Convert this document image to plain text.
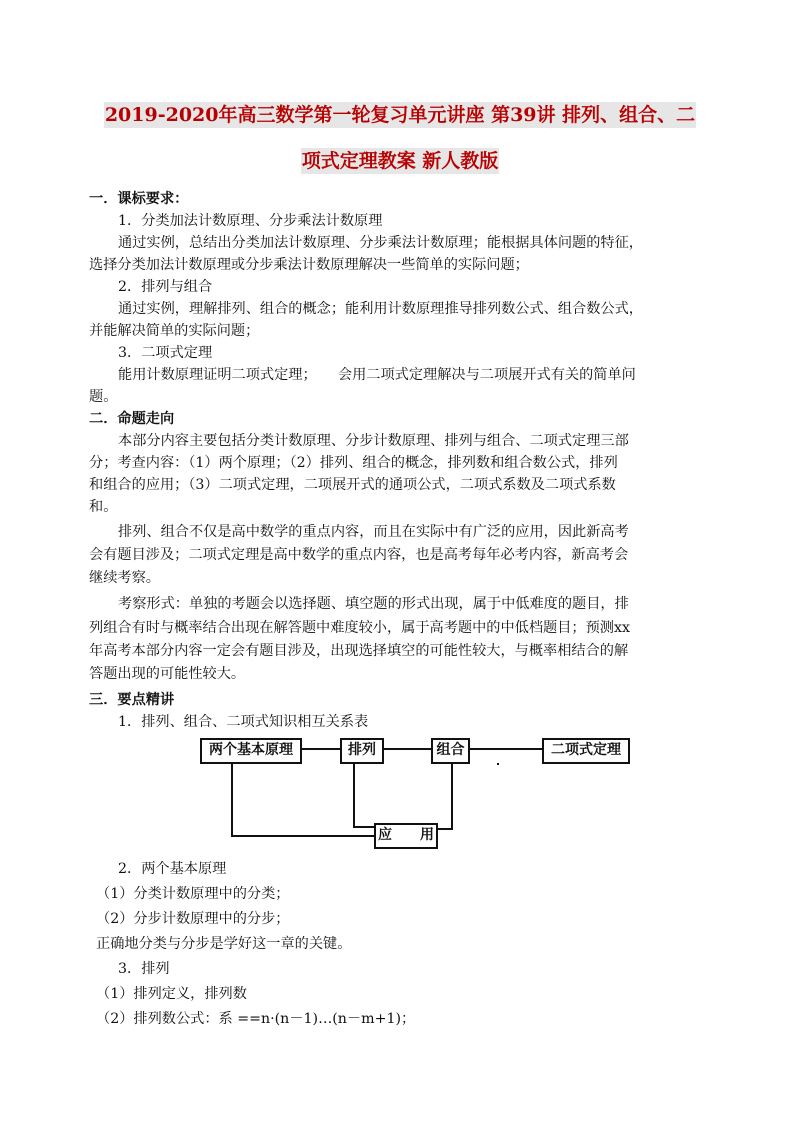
2019-2020年高三数学第一轮复习单元讲座 第39讲 排列、组合、二
项式定理教案 新人教版
一．课标要求：
1．分类加法计数原理、分步乘法计数原理
通过实例，总结出分类加法计数原理、分步乘法计数原理；能根据具体问题的特征，
选择分类加法计数原理或分步乘法计数原理解决一些简单的实际问题；
2．排列与组合
通过实例，理解排列、组合的概念；能利用计数原理推导排列数公式、组合数公式，
并能解决简单的实际问题；
3．二项式定理
能用计数原理证明二项式定理；　　会用二项式定理解决与二项展开式有关的简单问
题。
二．命题走向
本部分内容主要包括分类计数原理、分步计数原理、排列与组合、二项式定理三部
分；考查内容：（1）两个原理；（2）排列、组合的概念，排列数和组合数公式，排列
和组合的应用；（3）二项式定理，二项展开式的通项公式，二项式系数及二项式系数
和。
排列、组合不仅是高中数学的重点内容，而且在实际中有广泛的应用，因此新高考
会有题目涉及；二项式定理是高中数学的重点内容，也是高考每年必考内容，新高考会
继续考察。
考察形式：单独的考题会以选择题、填空题的形式出现，属于中低难度的题目，排
列组合有时与概率结合出现在解答题中难度较小，属于高考题中的中低档题目；预测xx
年高考本部分内容一定会有题目涉及，出现选择填空的可能性较大，与概率相结合的解
答题出现的可能性较大。
三．要点精讲
1．排列、组合、二项式知识相互关系表
两个基本原理	排列	组合	二项式定理
应　　用
2．两个基本原理
（1）分类计数原理中的分类；
（2）分步计数原理中的分步；
正确地分类与分步是学好这一章的关键。
3．排列
（1）排列定义，排列数
（2）排列数公式：系 ==n·(n－1)…(n－m+1)；
